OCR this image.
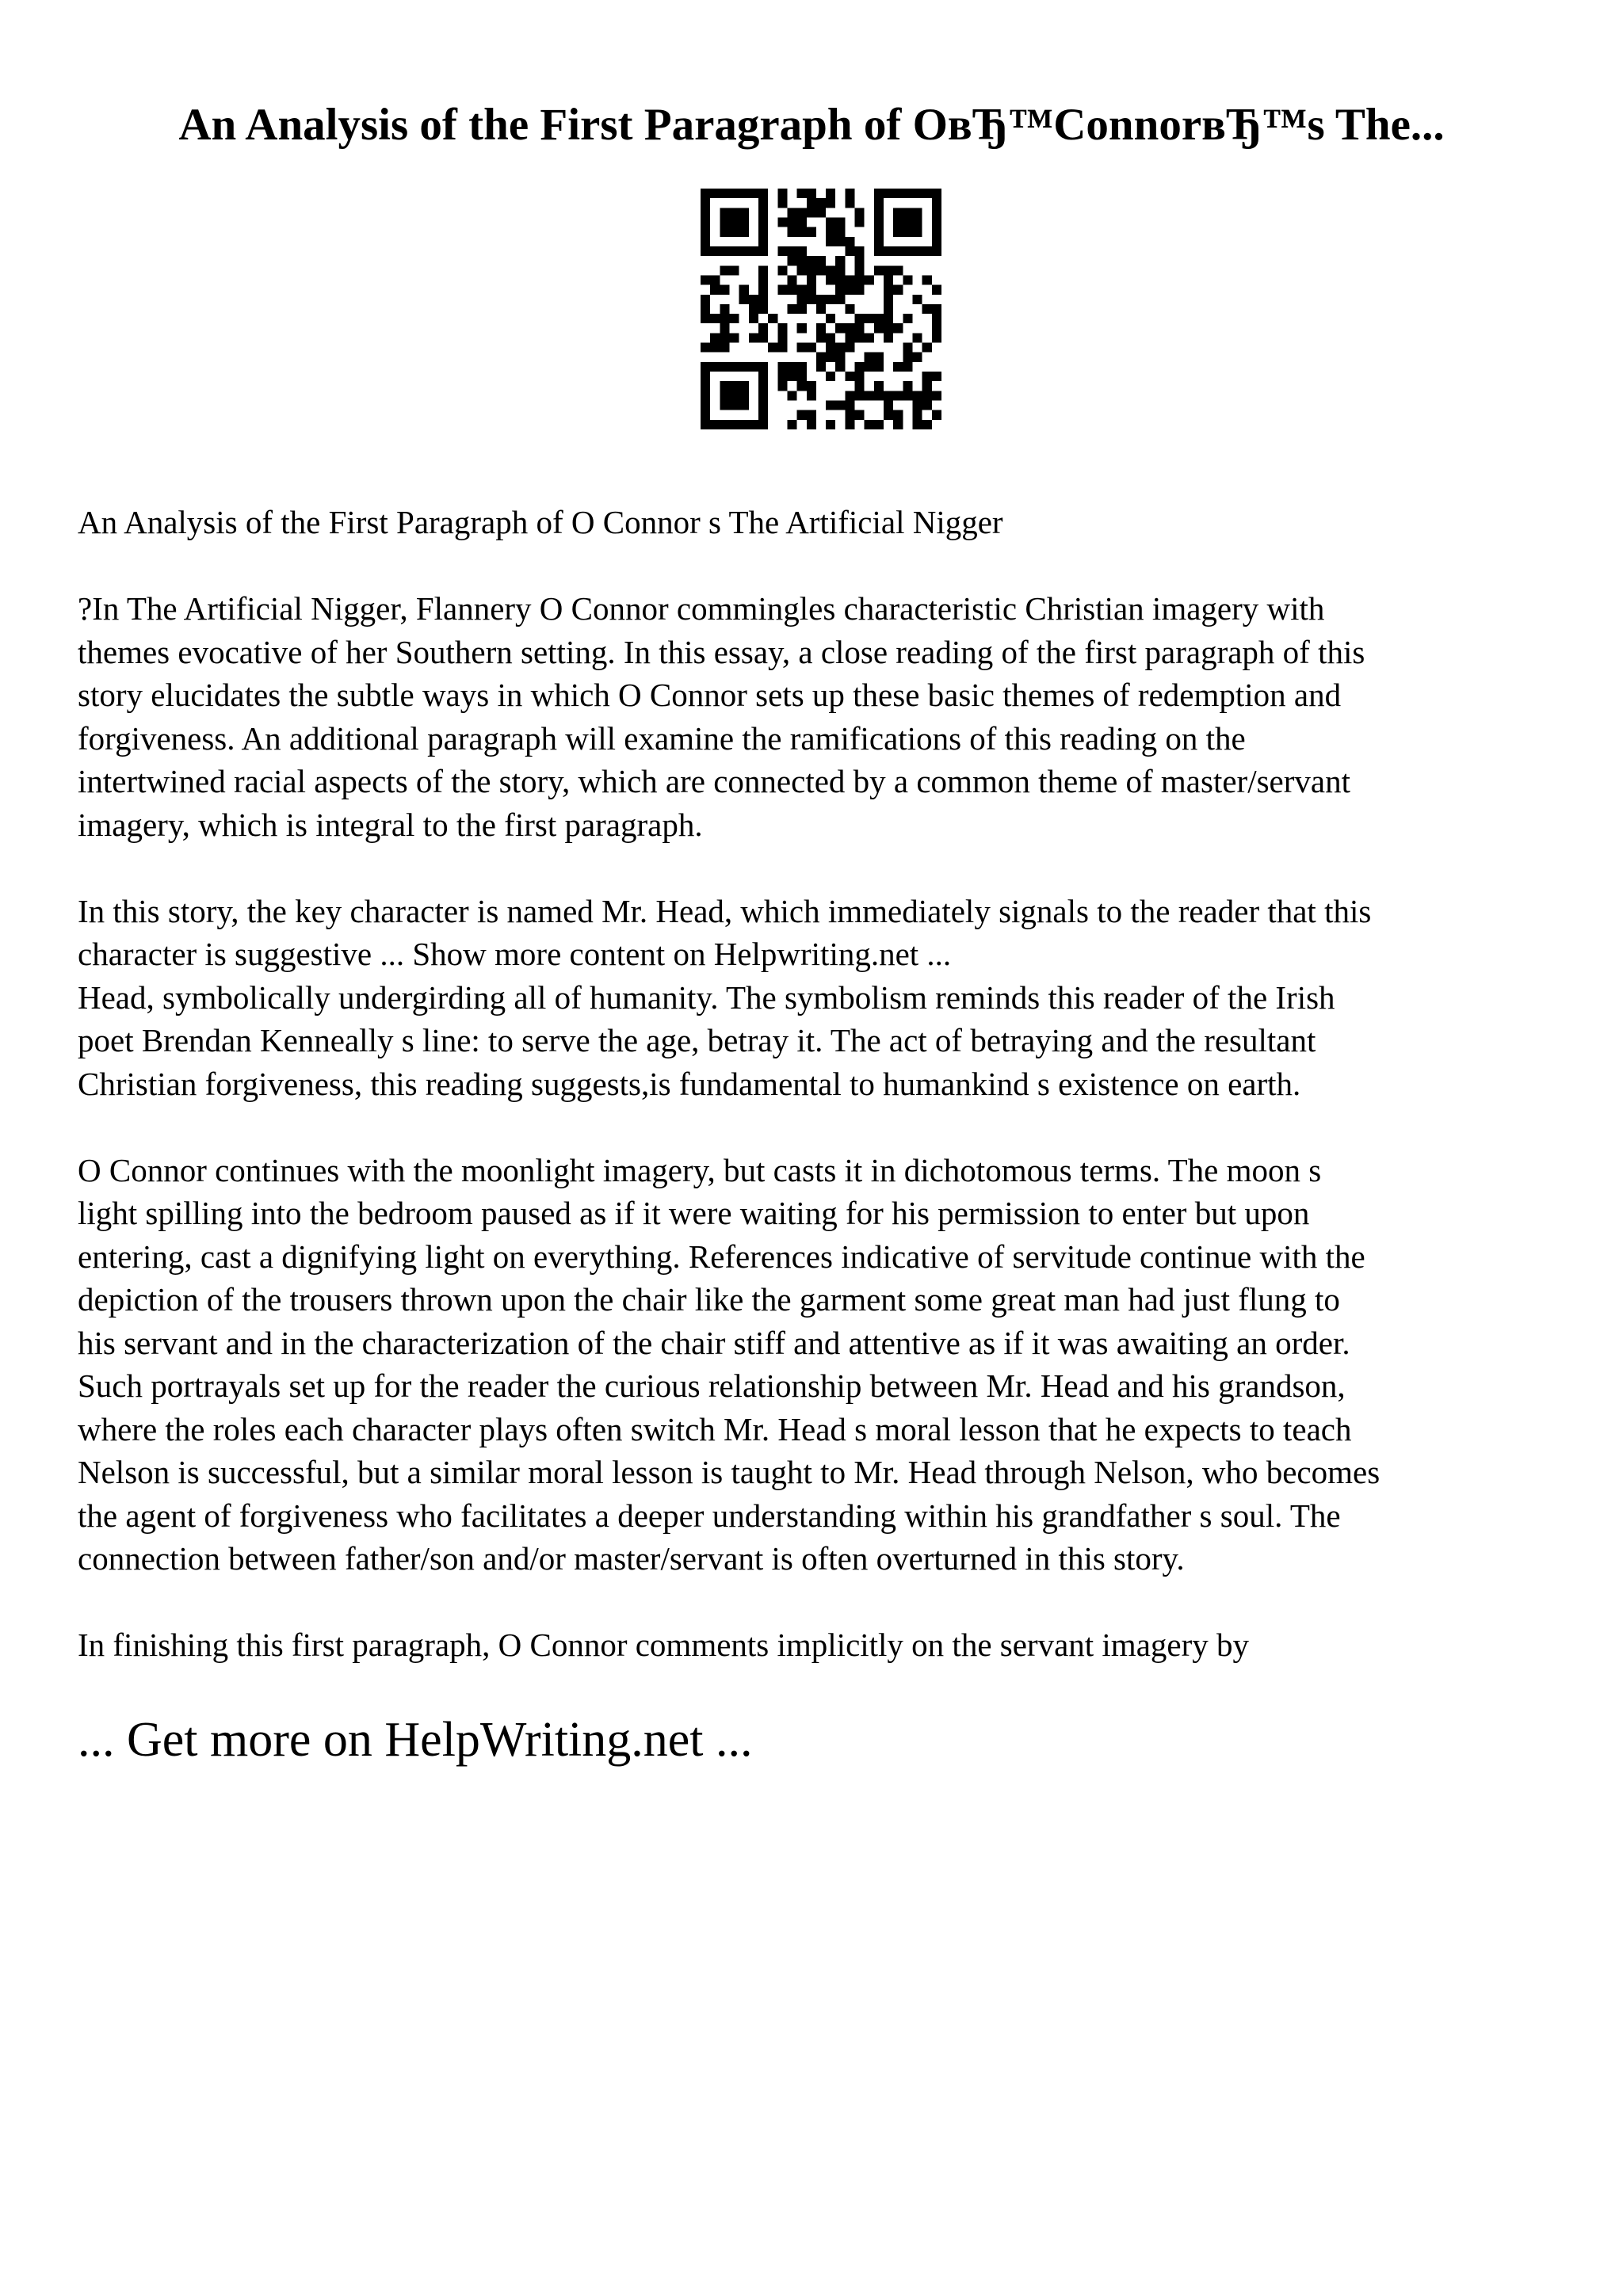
An Analysis of the First Paragraph of OвЂ™ConnorвЂ™s The...

An Analysis of the First Paragraph of O Connor s The Artificial Nigger

?In The Artificial Nigger, Flannery O Connor commingles characteristic Christian imagery with
themes evocative of her Southern setting. In this essay, a close reading of the first paragraph of this
story elucidates the subtle ways in which O Connor sets up these basic themes of redemption and
forgiveness. An additional paragraph will examine the ramifications of this reading on the
intertwined racial aspects of the story, which are connected by a common theme of master/servant
imagery, which is integral to the first paragraph.

In this story, the key character is named Mr. Head, which immediately signals to the reader that this
character is suggestive ... Show more content on Helpwriting.net ...

Head, symbolically undergirding all of humanity. The symbolism reminds this reader of the Irish
poet Brendan Kenneally s line: to serve the age, betray it. The act of betraying and the resultant
Christian forgiveness, this reading suggests,is fundamental to humankind s existence on earth.

O Connor continues with the moonlight imagery, but casts it in dichotomous terms. The moon s
light spilling into the bedroom paused as if it were waiting for his permission to enter but upon
entering, cast a dignifying light on everything. References indicative of servitude continue with the
depiction of the trousers thrown upon the chair like the garment some great man had just flung to
his servant and in the characterization of the chair stiff and attentive as if it was awaiting an order.
Such portrayals set up for the reader the curious relationship between Mr. Head and his grandson,
where the roles each character plays often switch Mr. Head s moral lesson that he expects to teach
Nelson is successful, but a similar moral lesson is taught to Mr. Head through Nelson, who becomes
the agent of forgiveness who facilitates a deeper understanding within his grandfather s soul. The
connection between father/son and/or master/servant is often overturned in this story.

In finishing this first paragraph, O Connor comments implicitly on the servant imagery by

... Get more on HelpWriting.net ...
